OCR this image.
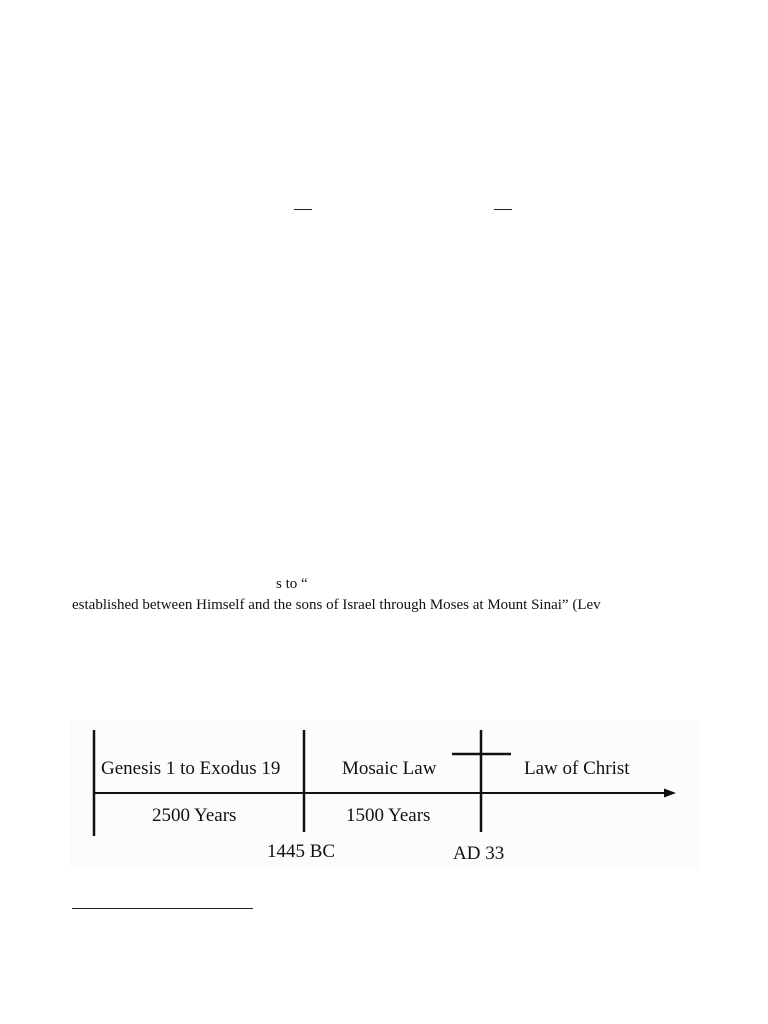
s to “
established between Himself and the sons of Israel through Moses at Mount Sinai” (Lev
Genesis 1 to Exodus 19	Mosaic Law	Law of Christ
2500 Years	1500 Years
1445 BC	AD 33
